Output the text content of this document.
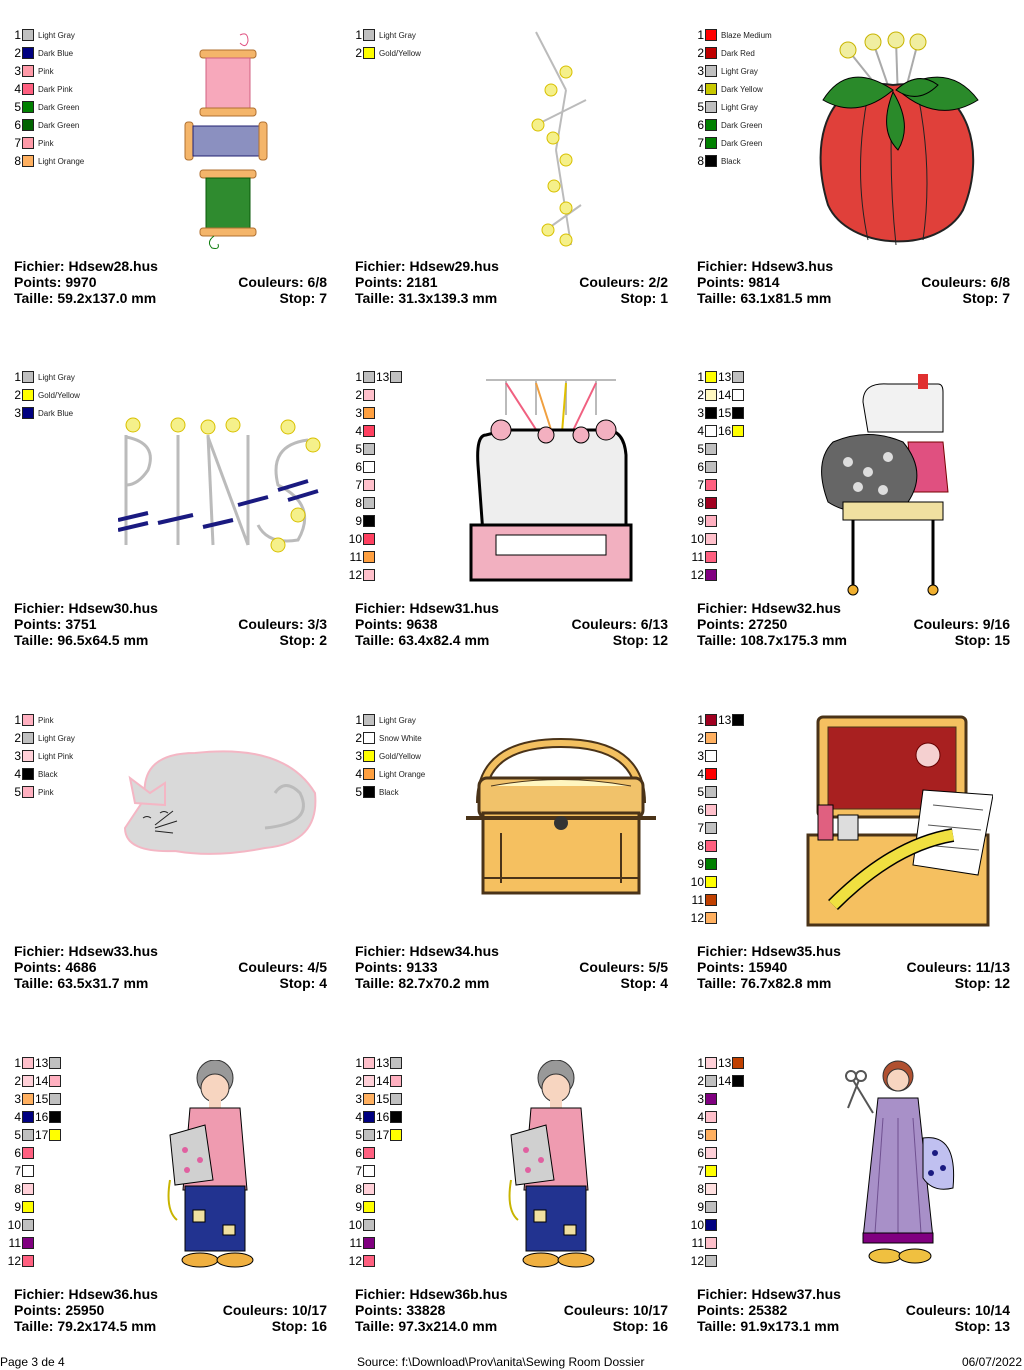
1 Light Gray
2 Dark Blue
3 Pink
4 Dark Pink
5 Dark Green
6 Dark Green
7 Pink
8 Light Orange
Fichier: Hdsew28.hus
Points: 9970	Couleurs: 6/8
Taille: 59.2x137.0 mm	Stop: 7
1 Light Gray
2 Gold/Yellow
Fichier: Hdsew29.hus
Points: 2181	Couleurs: 2/2
Taille: 31.3x139.3 mm	Stop: 1
1 Blaze Medium
2 Dark Red
3 Light Gray
4 Dark Yellow
5 Light Gray
6 Dark Green
7 Dark Green
8 Black
Fichier: Hdsew3.hus
Points: 9814	Couleurs: 6/8
Taille: 63.1x81.5 mm	Stop: 7
1 Light Gray
2 Gold/Yellow
3 Dark Blue
Fichier: Hdsew30.hus
Points: 3751	Couleurs: 3/3
Taille: 96.5x64.5 mm	Stop: 2
1 13
2
3
4
5
6
7
8
9
10
11
12
Fichier: Hdsew31.hus
Points: 9638	Couleurs: 6/13
Taille: 63.4x82.4 mm	Stop: 12
1 13
2 14
3 15
4 16
5
6
7
8
9
10
11
12
Fichier: Hdsew32.hus
Points: 27250	Couleurs: 9/16
Taille: 108.7x175.3 mm	Stop: 15
1 Pink
2 Light Gray
3 Light Pink
4 Black
5 Pink
Fichier: Hdsew33.hus
Points: 4686	Couleurs: 4/5
Taille: 63.5x31.7 mm	Stop: 4
1 Light Gray
2 Snow White
3 Gold/Yellow
4 Light Orange
5 Black
Fichier: Hdsew34.hus
Points: 9133	Couleurs: 5/5
Taille: 82.7x70.2 mm	Stop: 4
1 13
2
3
4
5
6
7
8
9
10
11
12
Fichier: Hdsew35.hus
Points: 15940	Couleurs: 11/13
Taille: 76.7x82.8 mm	Stop: 12
1 13
2 14
3 15
4 16
5 17
6
7
8
9
10
11
12
Fichier: Hdsew36.hus
Points: 25950	Couleurs: 10/17
Taille: 79.2x174.5 mm	Stop: 16
1 13
2 14
3 15
4 16
5 17
6
7
8
9
10
11
12
Fichier: Hdsew36b.hus
Points: 33828	Couleurs: 10/17
Taille: 97.3x214.0 mm	Stop: 16
1 13
2 14
3
4
5
6
7
8
9
10
11
12
Fichier: Hdsew37.hus
Points: 25382	Couleurs: 10/14
Taille: 91.9x173.1 mm	Stop: 13
Page 3 de 4	Source: f:\Download\Prov\anita\Sewing Room Dossier	06/07/2022
